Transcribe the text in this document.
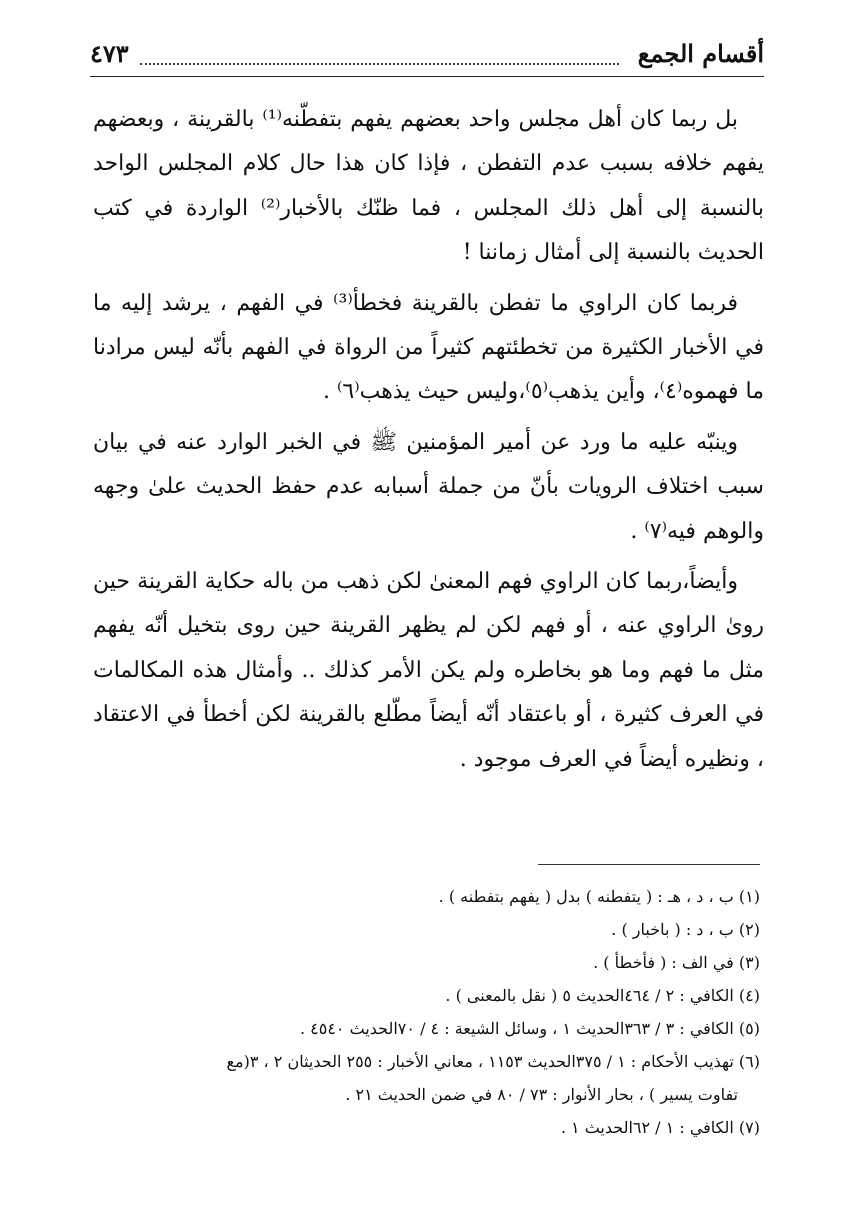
أقسام الجمع
٤٧٣

بل ربما كان أهل مجلس واحد بعضهم يفهم بتفطّنه⁽¹⁾ بالقرينة ، وبعضهم يفهم خلافه بسبب عدم التفطن ، فإذا كان هذا حال كلام المجلس الواحد بالنسبة إلى أهل ذلك المجلس ، فما ظنّك بالأخبار⁽²⁾ الواردة في كتب الحديث بالنسبة إلى أمثال زماننا !

فربما كان الراوي ما تفطن بالقرينة فخطأ⁽³⁾ في الفهم ، يرشد إليه ما في الأخبار الكثيرة من تخطئتهم كثيراً من الرواة في الفهم بأنّه ليس مرادنا ما فهموه⁽٤⁾، وأين يذهب⁽٥⁾،وليس حيث يذهب⁽٦⁾ .

وينبّه عليه ما ورد عن أمير المؤمنين ﷺ في الخبر الوارد عنه في بيان سبب اختلاف الرويات بأنّ من جملة أسبابه عدم حفظ الحديث علىٰ وجهه والوهم فيه⁽٧⁾ .

وأيضاً،ربما كان الراوي فهم المعنىٰ لكن ذهب من باله حكاية القرينة حين رویٰ الراوي عنه ، أو فهم لكن لم يظهر القرينة حين روی بتخيل أنّه يفهم مثل ما فهم وما هو بخاطره ولم يكن الأمر كذلك .. وأمثال هذه المكالمات في العرف كثيرة ، أو باعتقاد أنّه أيضاً مطّلع بالقرينة لكن أخطأ في الاعتقاد ، ونظيره أيضاً في العرف موجود .

(١) ب ، د ، هـ : ( يتفطنه ) بدل ( يفهم بتفطنه ) .
(٢) ب ، د : ( باخبار ) .
(٣) في الف : ( فأخطأ ) .
(٤) الكافي : ٢ / ٤٦٤الحديث ٥ ( نقل بالمعنى ) .
(٥) الكافي : ٣ / ٣٦٣الحديث ١ ، وسائل الشيعة : ٤ / ٧٠الحديث ٤٥٤٠ .
(٦) تهذيب الأحكام : ١ / ٣٧٥الحديث ١١٥٣ ، معاني الأخبار : ٢٥٥ الحديثان ٢ ، ٣(مع
تفاوت يسير ) ، بحار الأنوار : ٧٣ / ٨٠ في ضمن الحديث ٢١ .
(٧) الكافي : ١ / ٦٢الحديث ١ .
